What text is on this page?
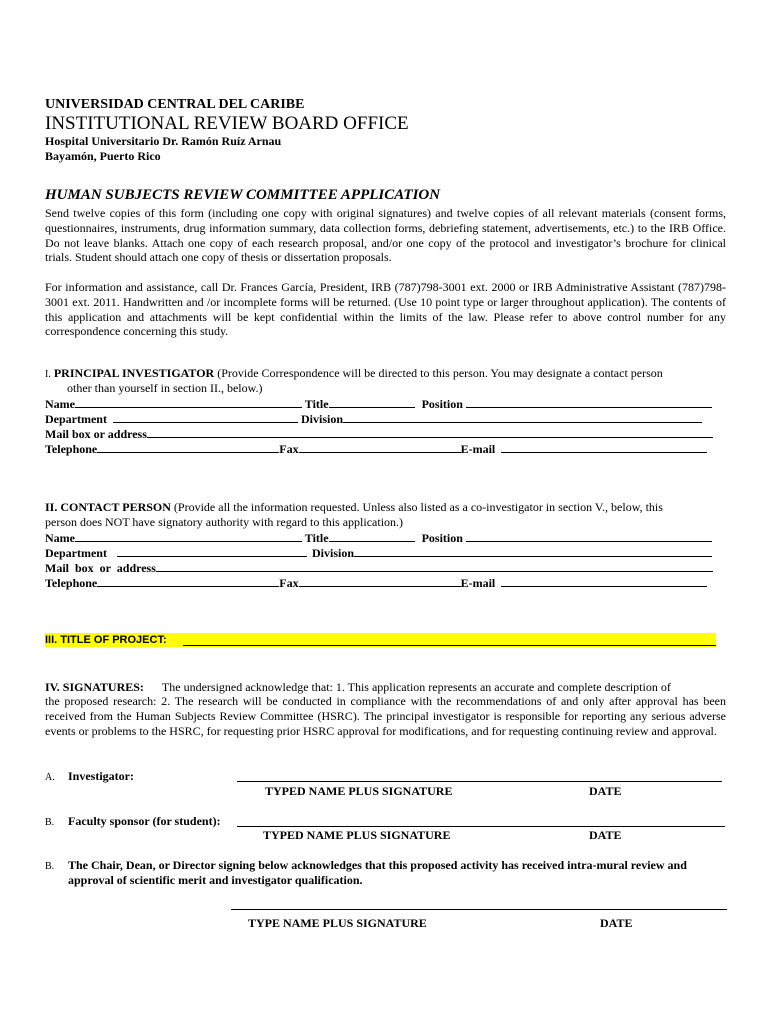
UNIVERSIDAD CENTRAL DEL CARIBE
INSTITUTIONAL REVIEW BOARD OFFICE
Hospital Universitario Dr. Ramón Ruíz Arnau
Bayamón, Puerto Rico
HUMAN SUBJECTS REVIEW COMMITTEE APPLICATION
Send twelve copies of this form (including one copy with original signatures) and twelve copies of all relevant materials (consent forms, questionnaires, instruments, drug information summary, data collection forms, debriefing statement, advertisements, etc.) to the IRB Office. Do not leave blanks. Attach one copy of each research proposal, and/or one copy of the protocol and investigator’s brochure for clinical trials. Student should attach one copy of thesis or dissertation proposals.
For information and assistance, call Dr. Frances García, President, IRB (787)798-3001 ext. 2000 or IRB Administrative Assistant (787)798-3001 ext. 2011. Handwritten and /or incomplete forms will be returned. (Use 10 point type or larger throughout application). The contents of this application and attachments will be kept confidential within the limits of the law. Please refer to above control number for any correspondence concerning this study.
I. PRINCIPAL INVESTIGATOR (Provide Correspondence will be directed to this person. You may designate a contact person
other than yourself in section II., below.)
Name	Title	Position
Department	Division
Mail box or address
Telephone	Fax	E-mail
II. CONTACT PERSON (Provide all the information requested. Unless also listed as a co-investigator in section V., below, this
person does NOT have signatory authority with regard to this application.)
Name	Title	Position
Department	Division
Mail box or address
Telephone	Fax	E-mail
III. TITLE OF PROJECT:
IV. SIGNATURES: The undersigned acknowledge that: 1. This application represents an accurate and complete description of
the proposed research: 2. The research will be conducted in compliance with the recommendations of and only after approval has been received from the Human Subjects Review Committee (HSRC). The principal investigator is responsible for reporting any serious adverse events or problems to the HSRC, for requesting prior HSRC approval for modifications, and for requesting continuing review and approval.
A. Investigator:
TYPED NAME PLUS SIGNATURE	DATE
B. Faculty sponsor (for student):
TYPED NAME PLUS SIGNATURE	DATE
B. The Chair, Dean, or Director signing below acknowledges that this proposed activity has received intra-mural review and
approval of scientific merit and investigator qualification.
TYPE NAME PLUS SIGNATURE	DATE
